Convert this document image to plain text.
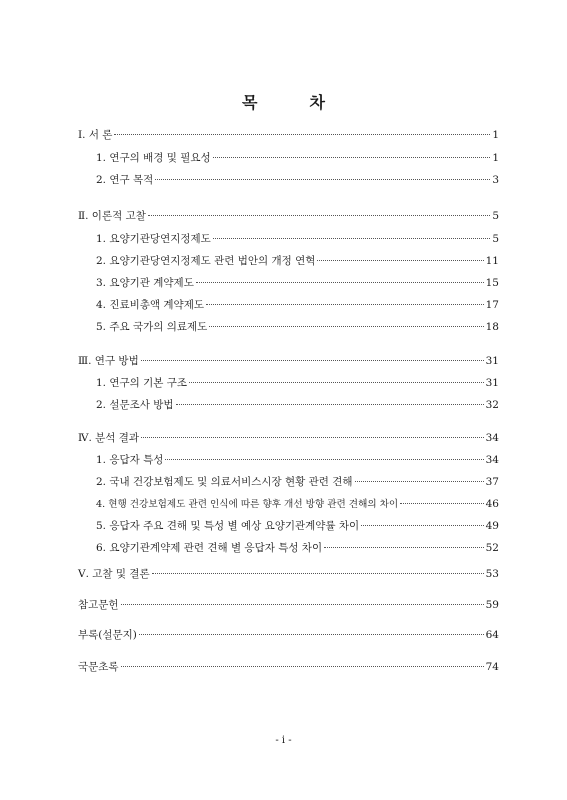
목	차
Ⅰ. 서 론	1
1. 연구의 배경 및 필요성	1
2. 연구 목적	3
Ⅱ. 이론적 고찰	5
1. 요양기관당연지정제도	5
2. 요양기관당연지정제도 관련 법안의 개정 연혁	11
3. 요양기관 계약제도	15
4. 진료비총액 계약제도	17
5. 주요 국가의 의료제도	18
Ⅲ. 연구 방법	31
1. 연구의 기본 구조	31
2. 설문조사 방법	32
Ⅳ. 분석 결과	34
1. 응답자 특성	34
2. 국내 건강보험제도 및 의료서비스시장 현황 관련 견해	37
4. 현행 건강보험제도 관련 인식에 따른 향후 개선 방향 관련 견해의 차이	46
5. 응답자 주요 견해 및 특성 별 예상 요양기관계약률 차이	49
6. 요양기관계약제 관련 견해 별 응답자 특성 차이	52
Ⅴ. 고찰 및 결론	53
참고문헌	59
부록(설문지)	64
국문초록	74
- i -
